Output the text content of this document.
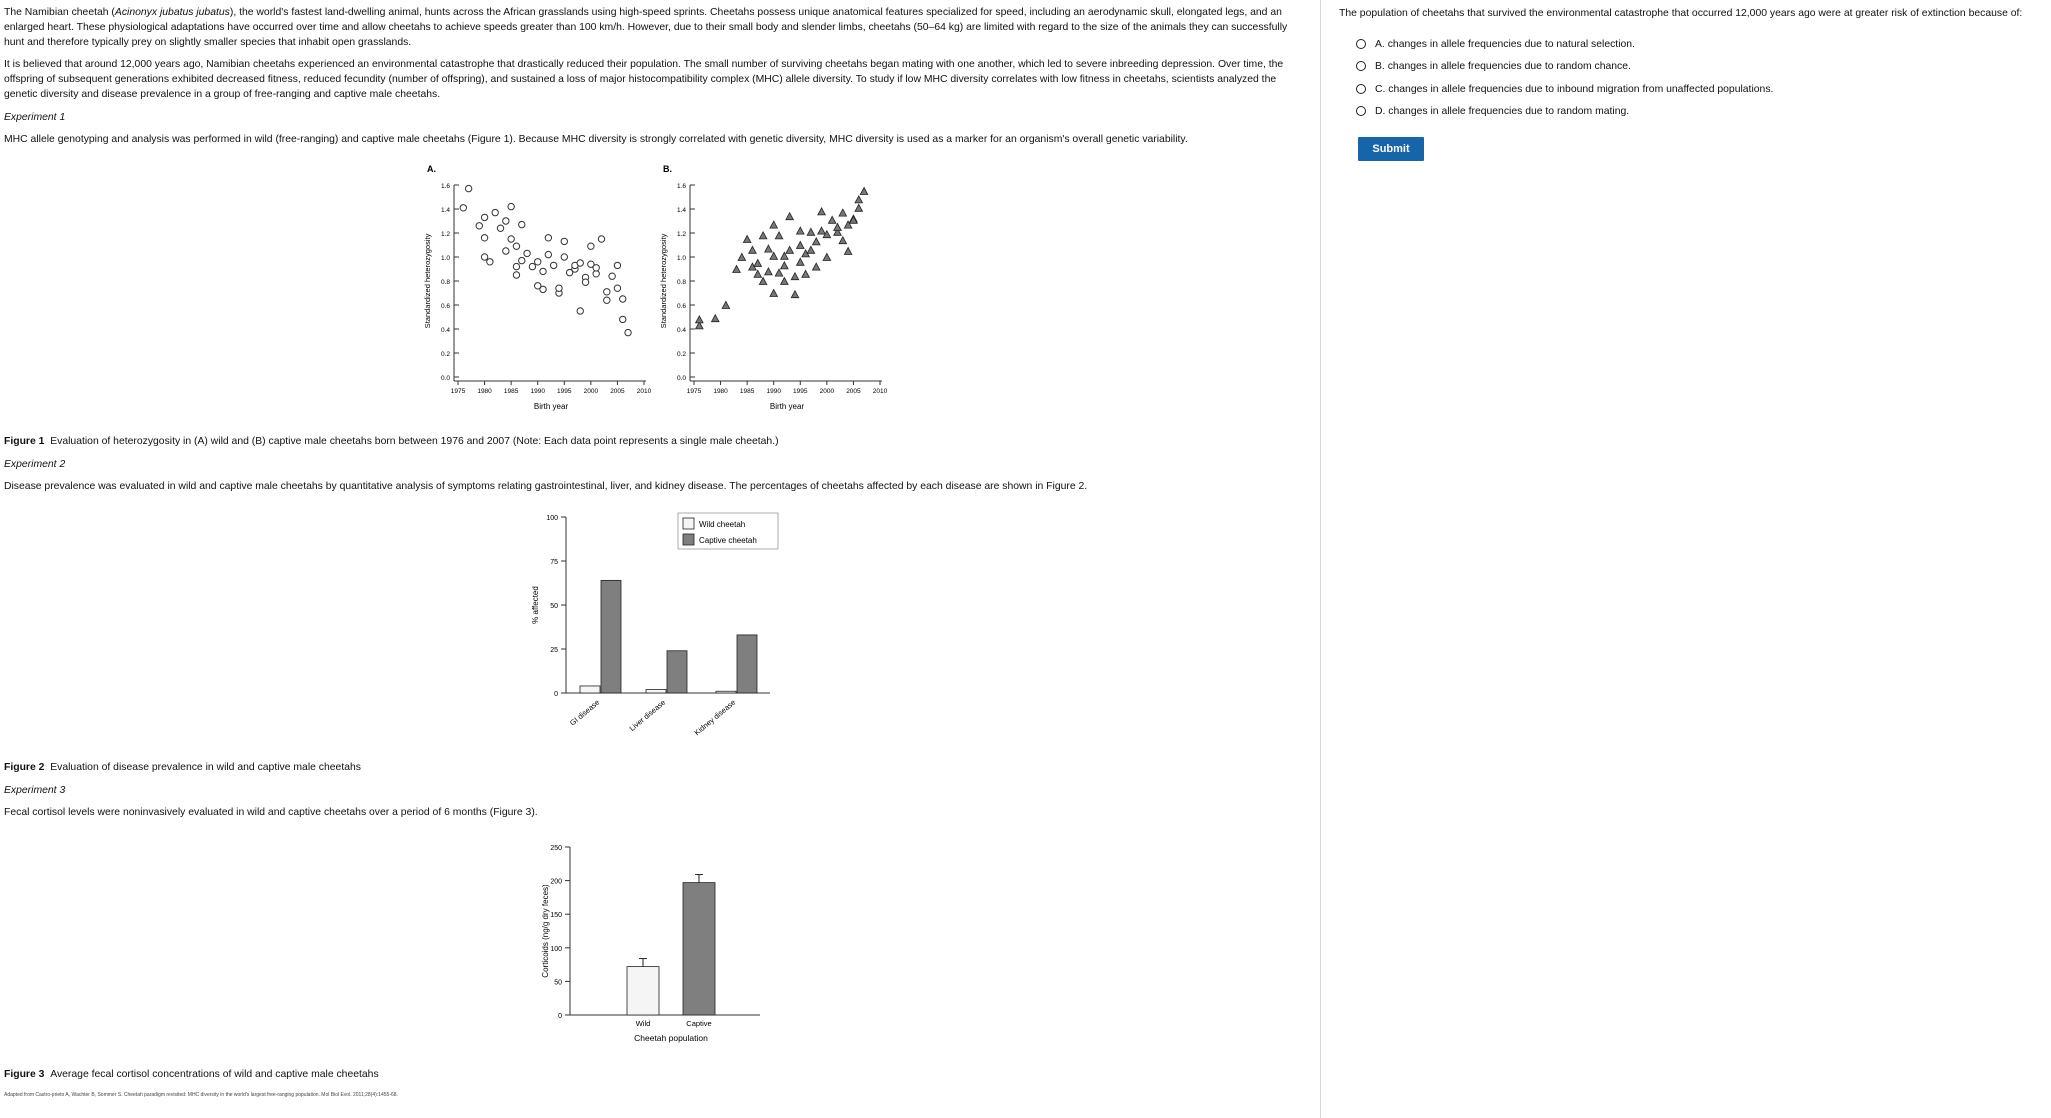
The Namibian cheetah (Acinonyx jubatus jubatus), the world's fastest land-dwelling animal, hunts across the African grasslands using high-speed sprints. Cheetahs possess unique anatomical features specialized for speed, including an aerodynamic skull, elongated legs, and an enlarged heart. These physiological adaptations have occurred over time and allow cheetahs to achieve speeds greater than 100 km/h. However, due to their small body and slender limbs, cheetahs (50–64 kg) are limited with regard to the size of the animals they can successfully hunt and therefore typically prey on slightly smaller species that inhabit open grasslands.

It is believed that around 12,000 years ago, Namibian cheetahs experienced an environmental catastrophe that drastically reduced their population. The small number of surviving cheetahs began mating with one another, which led to severe inbreeding depression. Over time, the offspring of subsequent generations exhibited decreased fitness, reduced fecundity (number of offspring), and sustained a loss of major histocompatibility complex (MHC) allele diversity. To study if low MHC diversity correlates with low fitness in cheetahs, scientists analyzed the genetic diversity and disease prevalence in a group of free-ranging and captive male cheetahs.

Experiment 1

MHC allele genotyping and analysis was performed in wild (free-ranging) and captive male cheetahs (Figure 1). Because MHC diversity is strongly correlated with genetic diversity, MHC diversity is used as a marker for an organism's overall genetic variability.

A.
0.0
0.2
0.4
0.6
0.8
1.0
1.2
1.4
1.6
1975 1980 1985 1990 1995 2000 2005 2010
Birth year
Standardized heterozygosity
B.
0.0
0.2
0.4
0.6
0.8
1.0
1.2
1.4
1.6
1975 1980 1985 1990 1995 2000 2005 2010
Birth year
Standardized heterozygosity

Figure 1 Evaluation of heterozygosity in (A) wild and (B) captive male cheetahs born between 1976 and 2007 (Note: Each data point represents a single male cheetah.)

Experiment 2

Disease prevalence was evaluated in wild and captive male cheetahs by quantitative analysis of symptoms relating gastrointestinal, liver, and kidney disease. The percentages of cheetahs affected by each disease are shown in Figure 2.

0
25
50
75
100
% affected
GI disease	Liver disease	Kidney disease
Wild cheetah
Captive cheetah

Figure 2 Evaluation of disease prevalence in wild and captive male cheetahs

Experiment 3

Fecal cortisol levels were noninvasively evaluated in wild and captive cheetahs over a period of 6 months (Figure 3).

0
50
100
150
200
250
Corticoids (ng/g dry feces)
Wild	Captive
Cheetah population

Figure 3 Average fecal cortisol concentrations of wild and captive male cheetahs

Adapted from Castro-prieto A, Wachter B, Sommer S. Cheetah paradigm revisited: MHC diversity in the world's largest free-ranging population. Mol Biol Evol. 2011;28(4):1455-68.

The population of cheetahs that survived the environmental catastrophe that occurred 12,000 years ago were at greater risk of extinction because of:

A.
changes in allele frequencies due to natural selection.
B.
changes in allele frequencies due to random chance.
C.
changes in allele frequencies due to inbound migration from unaffected populations.
D.
changes in allele frequencies due to random mating.
Submit
